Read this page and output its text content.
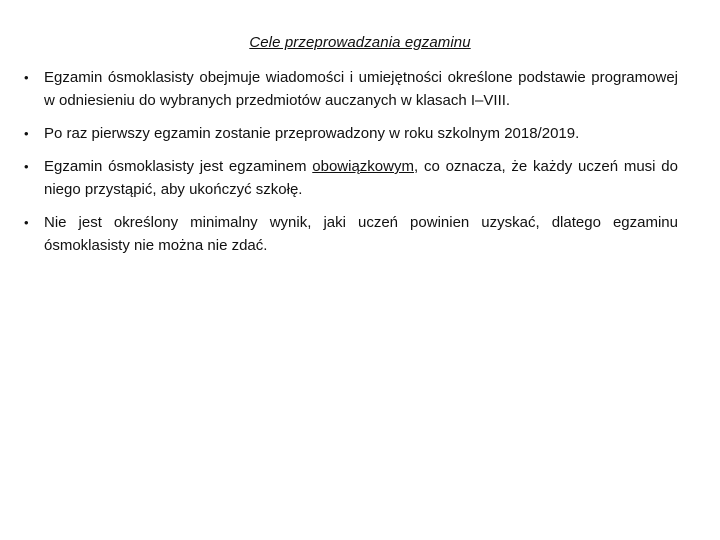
Cele przeprowadzania egzaminu
• Egzamin ósmoklasisty obejmuje wiadomości i umiejętności określone podstawie programowej w odniesieniu do wybranych przedmiotów auczanych w klasach I–VIII.
• Po raz pierwszy egzamin zostanie przeprowadzony w roku szkolnym 2018/2019.
• Egzamin ósmoklasisty jest egzaminem obowiązkowym, co oznacza, że każdy uczeń musi do niego przystąpić, aby ukończyć szkołę.
• Nie jest określony minimalny wynik, jaki uczeń powinien uzyskać, dlatego egzaminu ósmoklasisty nie można nie zdać.
